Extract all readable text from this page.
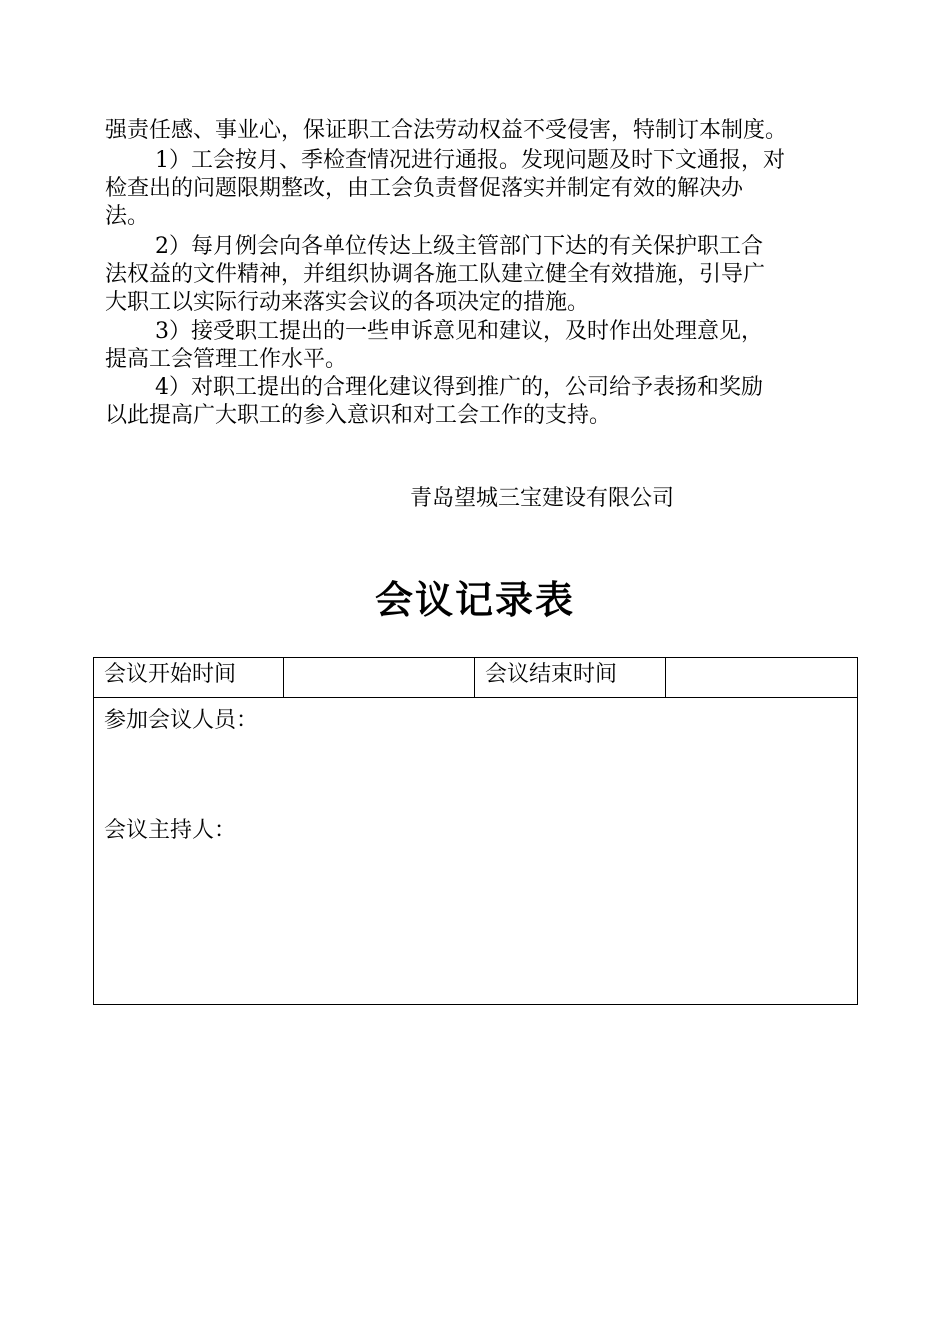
强责任感、事业心，保证职工合法劳动权益不受侵害，特制订本制度。
1）工会按月、季检查情况进行通报。发现问题及时下文通报，对
检查出的问题限期整改，由工会负责督促落实并制定有效的解决办
法。
2）每月例会向各单位传达上级主管部门下达的有关保护职工合
法权益的文件精神，并组织协调各施工队建立健全有效措施，引导广
大职工以实际行动来落实会议的各项决定的措施。
3）接受职工提出的一些申诉意见和建议，及时作出处理意见，
提高工会管理工作水平。
4）对职工提出的合理化建议得到推广的，公司给予表扬和奖励
以此提高广大职工的参入意识和对工会工作的支持。
青岛望城三宝建设有限公司
会议记录表
会议开始时间		会议结束时间	

参加会议人员：
会议主持人：
